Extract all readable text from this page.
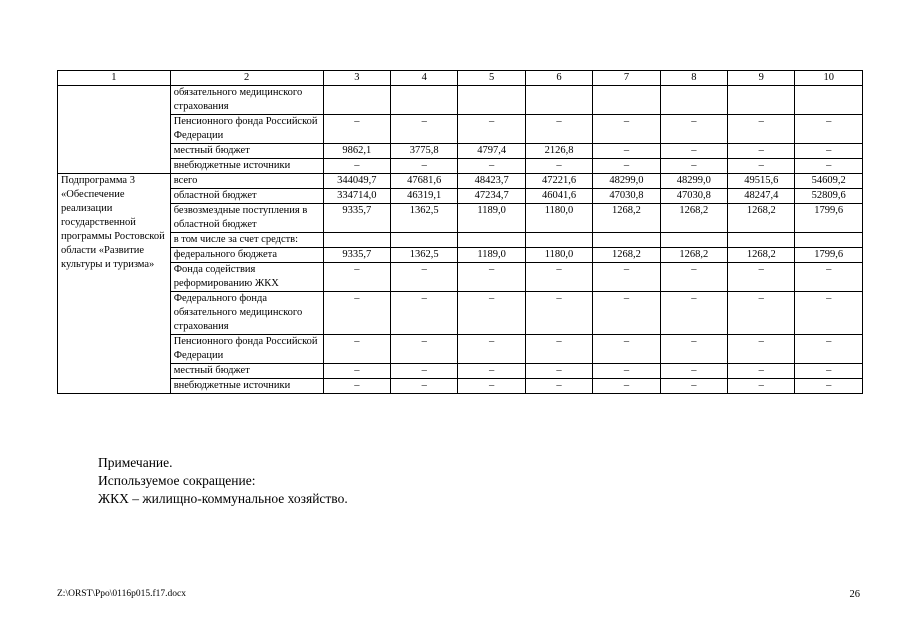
1	2	3	4	5	6	7	8	9	10
	обязательного медицинского страхования								
	Пенсионного фонда Российской Федерации	–	–	–	–	–	–	–	–
	местный бюджет	9862,1	3775,8	4797,4	2126,8	–	–	–	–
	внебюджетные источники	–	–	–	–	–	–	–	–
Подпрограмма 3 «Обеспечение реализации государственной программы Ростовской области «Развитие культуры и туризма»	всего	344049,7	47681,6	48423,7	47221,6	48299,0	48299,0	49515,6	54609,2
	областной бюджет	334714,0	46319,1	47234,7	46041,6	47030,8	47030,8	48247,4	52809,6
	безвозмездные поступления в областной бюджет	9335,7	1362,5	1189,0	1180,0	1268,2	1268,2	1268,2	1799,6
	в том числе за счет средств:								
	федерального бюджета	9335,7	1362,5	1189,0	1180,0	1268,2	1268,2	1268,2	1799,6
	Фонда содействия реформированию ЖКХ	–	–	–	–	–	–	–	–
	Федерального фонда обязательного медицинского страхования	–	–	–	–	–	–	–	–
	Пенсионного фонда Российской Федерации	–	–	–	–	–	–	–	–
	местный бюджет	–	–	–	–	–	–	–	–
	внебюджетные источники	–	–	–	–	–	–	–	–
Примечание.
Используемое сокращение:
ЖКХ – жилищно-коммунальное хозяйство.
Z:\ORST\Ppo\0116p015.f17.docx	26
